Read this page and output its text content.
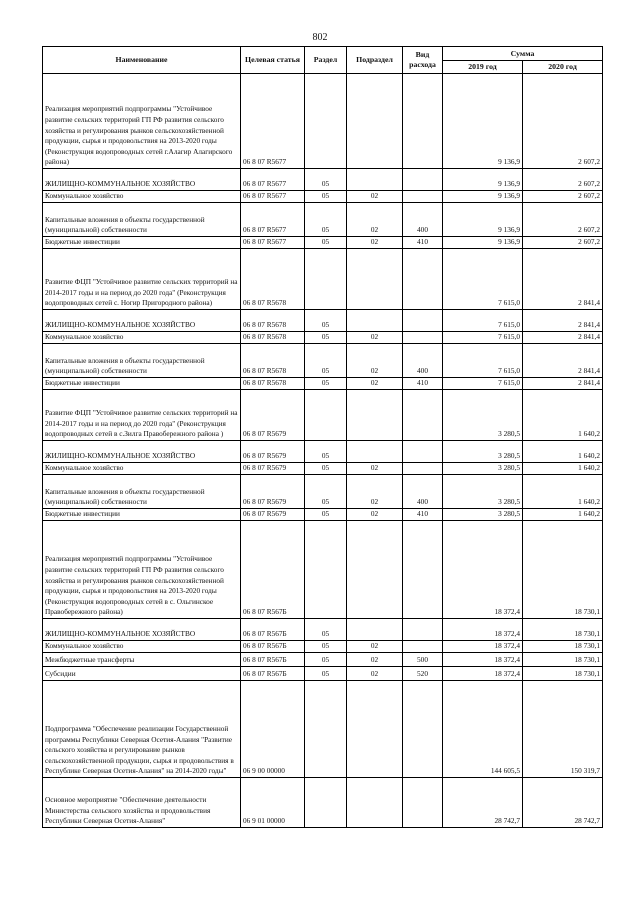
802
Наименование	Целевая статья	Раздел	Подраздел	Вид расхода	Сумма	
					2019 год	2020 год
Реализация мероприятий подпрограммы "Устойчивое развитие сельских территорий ГП РФ развития сельского хозяйства и регулирования рынков сельскохозяйственной продукции, сырья и продовольствия на 2013-2020 годы (Реконструкция водопроводных сетей г.Алагир Алагирского района)	06 8 07 R5677				9 136,9	2 607,2
ЖИЛИЩНО-КОММУНАЛЬНОЕ ХОЗЯЙСТВО	06 8 07 R5677	05			9 136,9	2 607,2
Коммунальное хозяйство	06 8 07 R5677	05	02		9 136,9	2 607,2
Капитальные вложения в объекты государственной (муниципальной) собственности	06 8 07 R5677	05	02	400	9 136,9	2 607,2
Бюджетные инвестиции	06 8 07 R5677	05	02	410	9 136,9	2 607,2
Развитие ФЦП "Устойчивое развитие сельских территорий на 2014-2017 годы и на период до 2020 года" (Реконструкция водопроводных сетей с. Ногир Пригородного района)	06 8 07 R5678				7 615,0	2 841,4
ЖИЛИЩНО-КОММУНАЛЬНОЕ ХОЗЯЙСТВО	06 8 07 R5678	05			7 615,0	2 841,4
Коммунальное хозяйство	06 8 07 R5678	05	02		7 615,0	2 841,4
Капитальные вложения в объекты государственной (муниципальной) собственности	06 8 07 R5678	05	02	400	7 615,0	2 841,4
Бюджетные инвестиции	06 8 07 R5678	05	02	410	7 615,0	2 841,4
Развитие ФЦП "Устойчивое развитие сельских территорий на 2014-2017 годы и на период до 2020 года" (Реконструкция водопроводных сетей в с.Зилга Правобережного района )	06 8 07 R5679				3 280,5	1 640,2
ЖИЛИЩНО-КОММУНАЛЬНОЕ ХОЗЯЙСТВО	06 8 07 R5679	05			3 280,5	1 640,2
Коммунальное хозяйство	06 8 07 R5679	05	02		3 280,5	1 640,2
Капитальные вложения в объекты государственной (муниципальной) собственности	06 8 07 R5679	05	02	400	3 280,5	1 640,2
Бюджетные инвестиции	06 8 07 R5679	05	02	410	3 280,5	1 640,2
Реализация мероприятий подпрограммы "Устойчивое развитие сельских территорий ГП РФ развития сельского хозяйства и регулирования рынков сельскохозяйственной продукции, сырья и продовольствия на 2013-2020 годы (Реконструкция водопроводных сетей в с. Ольгинское Правобережного района)	06 8 07 R567Б				18 372,4	18 730,1
ЖИЛИЩНО-КОММУНАЛЬНОЕ ХОЗЯЙСТВО	06 8 07 R567Б	05			18 372,4	18 730,1
Коммунальное хозяйство	06 8 07 R567Б	05	02		18 372,4	18 730,1
Межбюджетные трансферты	06 8 07 R567Б	05	02	500	18 372,4	18 730,1
Субсидии	06 8 07 R567Б	05	02	520	18 372,4	18 730,1
Подпрограмма "Обеспечение реализации Государственной программы Республики Северная Осетия-Алания "Развитие сельского хозяйства и регулирование рынков сельскохозяйственной продукции, сырья и продовольствия в Республике Северная Осетия-Алания" на 2014-2020 годы"	06 9 00 00000				144 605,5	150 319,7
Основное мероприятие "Обеспечение деятельности Министерства сельского хозяйства и продовольствия Республики Северная Осетия-Алания"	06 9 01 00000				28 742,7	28 742,7
